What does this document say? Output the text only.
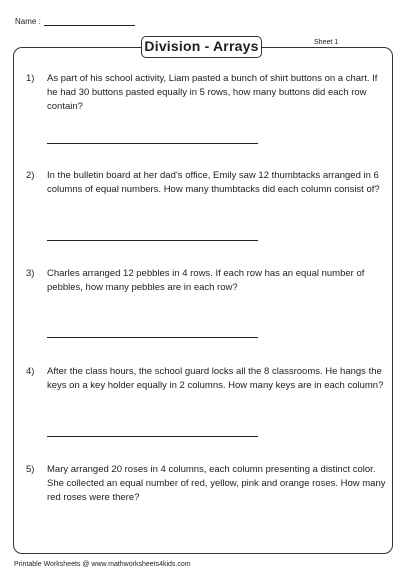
Name :
Division - Arrays	Sheet 1
1)	As part of his school activity, Liam pasted a bunch of shirt buttons on a chart. If he had 30 buttons pasted equally in 5 rows, how many buttons did each row contain?
2)	In the bulletin board at her dad’s office, Emily saw 12 thumbtacks arranged in 6 columns of equal numbers. How many thumbtacks did each column consist of?
3)	Charles arranged 12 pebbles in 4 rows. If each row has an equal number of pebbles, how many pebbles are in each row?
4)	After the class hours, the school guard locks all the 8 classrooms. He hangs the keys on a key holder equally in 2 columns. How many keys are in each column?
5)	Mary arranged 20 roses in 4 columns, each column presenting a distinct color. She collected an equal number of red, yellow, pink and orange roses. How many red roses were there?
Printable Worksheets @ www.mathworksheets4kids.com
